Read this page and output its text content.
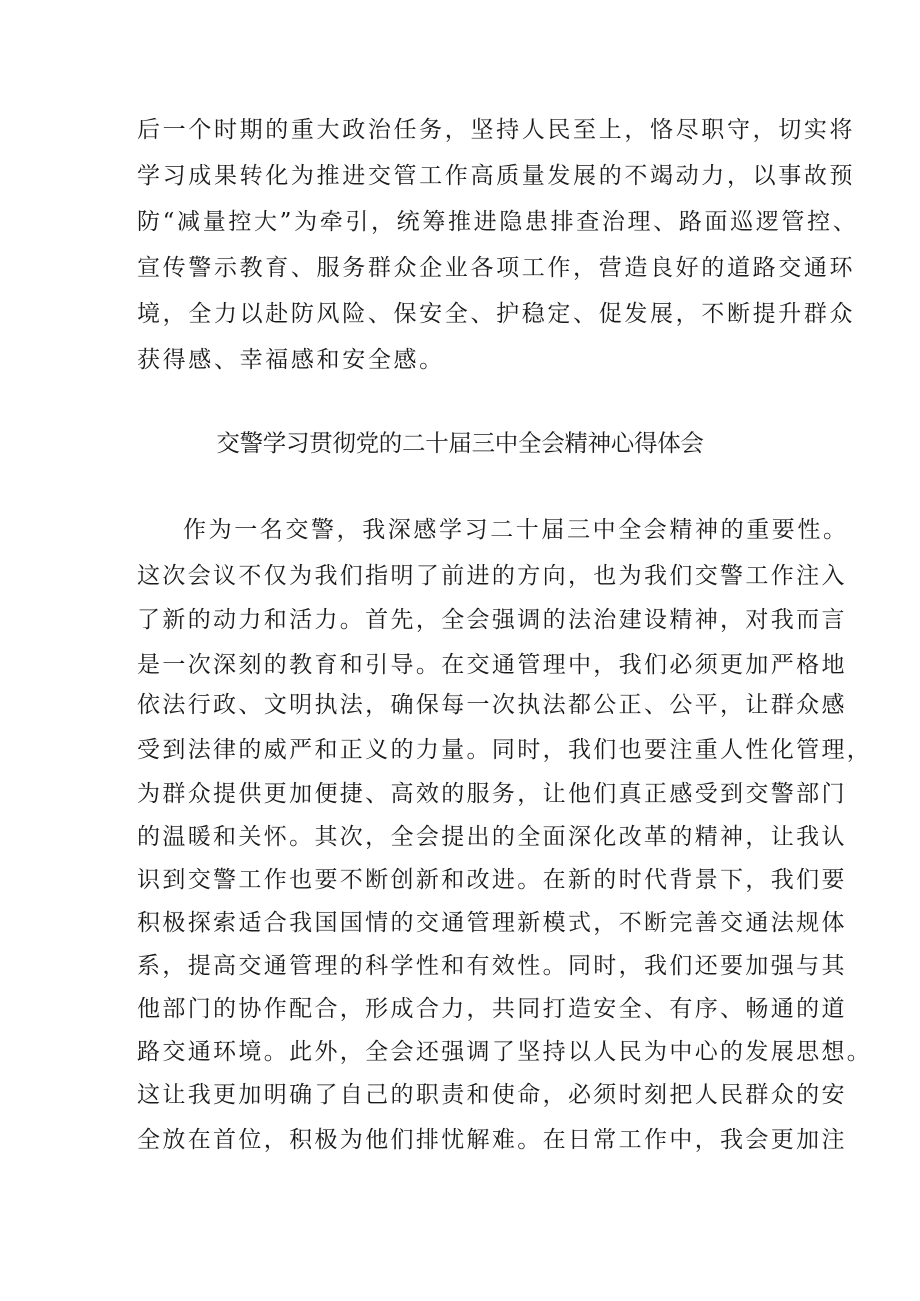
后一个时期的重大政治任务，坚持人民至上，恪尽职守，切实将
学习成果转化为推进交管工作高质量发展的不竭动力，以事故预
防“减量控大”为牵引，统筹推进隐患排查治理、路面巡逻管控、
宣传警示教育、服务群众企业各项工作，营造良好的道路交通环
境，全力以赴防风险、保安全、护稳定、促发展，不断提升群众
获得感、幸福感和安全感。
交警学习贯彻党的二十届三中全会精神心得体会
作为一名交警，我深感学习二十届三中全会精神的重要性。
这次会议不仅为我们指明了前进的方向，也为我们交警工作注入
了新的动力和活力。首先，全会强调的法治建设精神，对我而言
是一次深刻的教育和引导。在交通管理中，我们必须更加严格地
依法行政、文明执法，确保每一次执法都公正、公平，让群众感
受到法律的威严和正义的力量。同时，我们也要注重人性化管理，
为群众提供更加便捷、高效的服务，让他们真正感受到交警部门
的温暖和关怀。其次，全会提出的全面深化改革的精神，让我认
识到交警工作也要不断创新和改进。在新的时代背景下，我们要
积极探索适合我国国情的交通管理新模式，不断完善交通法规体
系，提高交通管理的科学性和有效性。同时，我们还要加强与其
他部门的协作配合，形成合力，共同打造安全、有序、畅通的道
路交通环境。此外，全会还强调了坚持以人民为中心的发展思想。
这让我更加明确了自己的职责和使命，必须时刻把人民群众的安
全放在首位，积极为他们排忧解难。在日常工作中，我会更加注
